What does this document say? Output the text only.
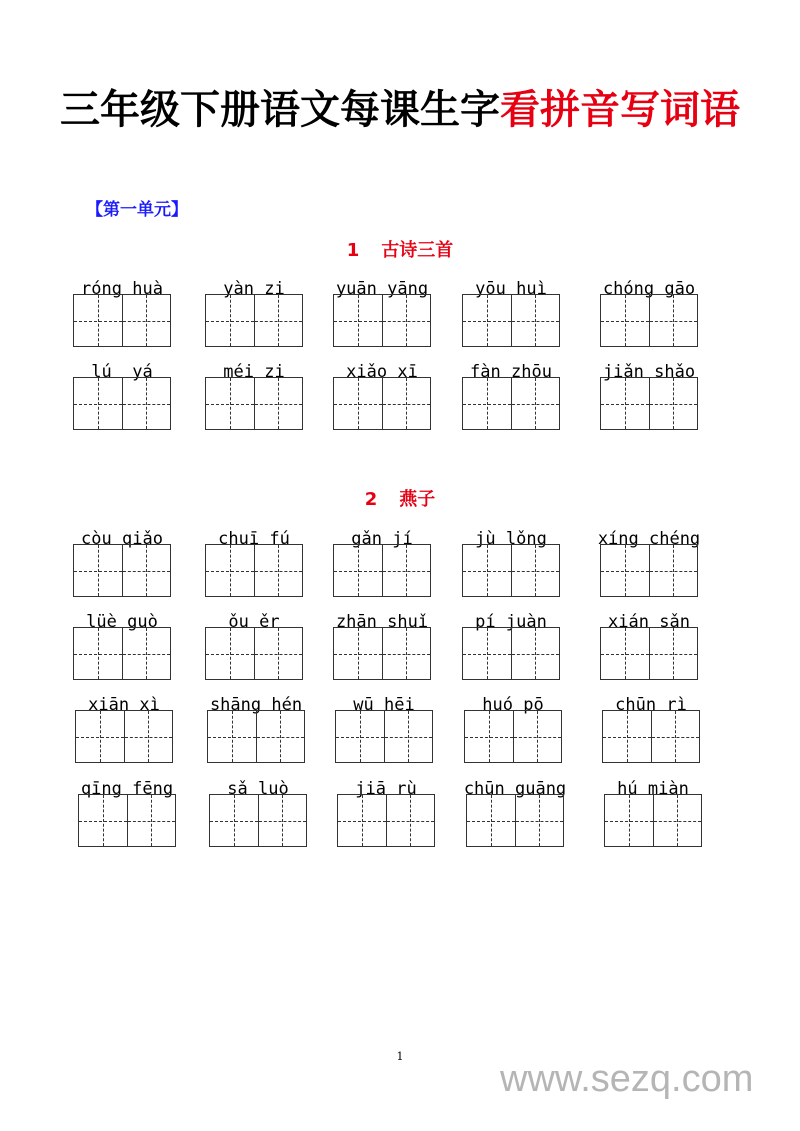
三年级下册语文每课生字看拼音写词语
【第一单元】
1 古诗三首
2 燕子
róng huà	yàn zi	yuān yāng	yōu huì	chóng gāo
lú  yá	méi zi	xiǎo xī	fàn zhōu	jiǎn shǎo
còu qiǎo	chuī fú	gǎn jí	jù lǒng	xíng chéng
lüè guò	ǒu ěr	zhān shuǐ	pí juàn	xián sǎn
xiān xì	shāng hén	wū hēi	huó pō	chūn rì
qīng fēng	sǎ luò	jiā rù	chūn guāng	hú miàn
1
www.sezq.com
